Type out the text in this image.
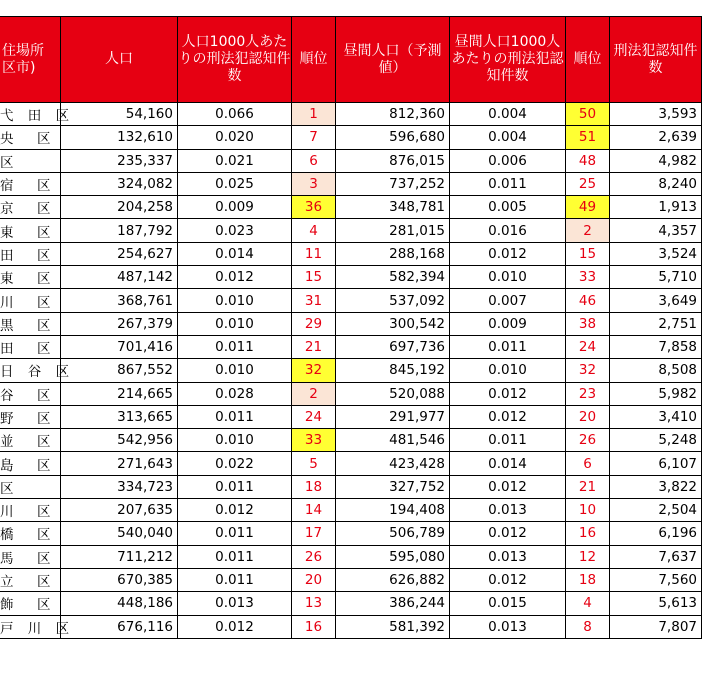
住場所
区市)	人口	人口1000人あたりの刑法犯認知件数	順位	昼間人口（予測値）	昼間人口1000人あたりの刑法犯認知件数	順位	刑法犯認知件数
弋 田 区	54,160	0.066	1	812,360	0.004	50	3,593
央　区	132,610	0.020	7	596,680	0.004	51	2,639
区	235,337	0.021	6	876,015	0.006	48	4,982
宿　区	324,082	0.025	3	737,252	0.011	25	8,240
京　区	204,258	0.009	36	348,781	0.005	49	1,913
東　区	187,792	0.023	4	281,015	0.016	2	4,357
田　区	254,627	0.014	11	288,168	0.012	15	3,524
東　区	487,142	0.012	15	582,394	0.010	33	5,710
川　区	368,761	0.010	31	537,092	0.007	46	3,649
黒　区	267,379	0.010	29	300,542	0.009	38	2,751
田　区	701,416	0.011	21	697,736	0.011	24	7,858
日 谷 区	867,552	0.010	32	845,192	0.010	32	8,508
谷　区	214,665	0.028	2	520,088	0.012	23	5,982
野　区	313,665	0.011	24	291,977	0.012	20	3,410
並　区	542,956	0.010	33	481,546	0.011	26	5,248
島　区	271,643	0.022	5	423,428	0.014	6	6,107
区	334,723	0.011	18	327,752	0.012	21	3,822
川　区	207,635	0.012	14	194,408	0.013	10	2,504
橋　区	540,040	0.011	17	506,789	0.012	16	6,196
馬　区	711,212	0.011	26	595,080	0.013	12	7,637
立　区	670,385	0.011	20	626,882	0.012	18	7,560
飾　区	448,186	0.013	13	386,244	0.015	4	5,613
戸 川 区	676,116	0.012	16	581,392	0.013	8	7,807
